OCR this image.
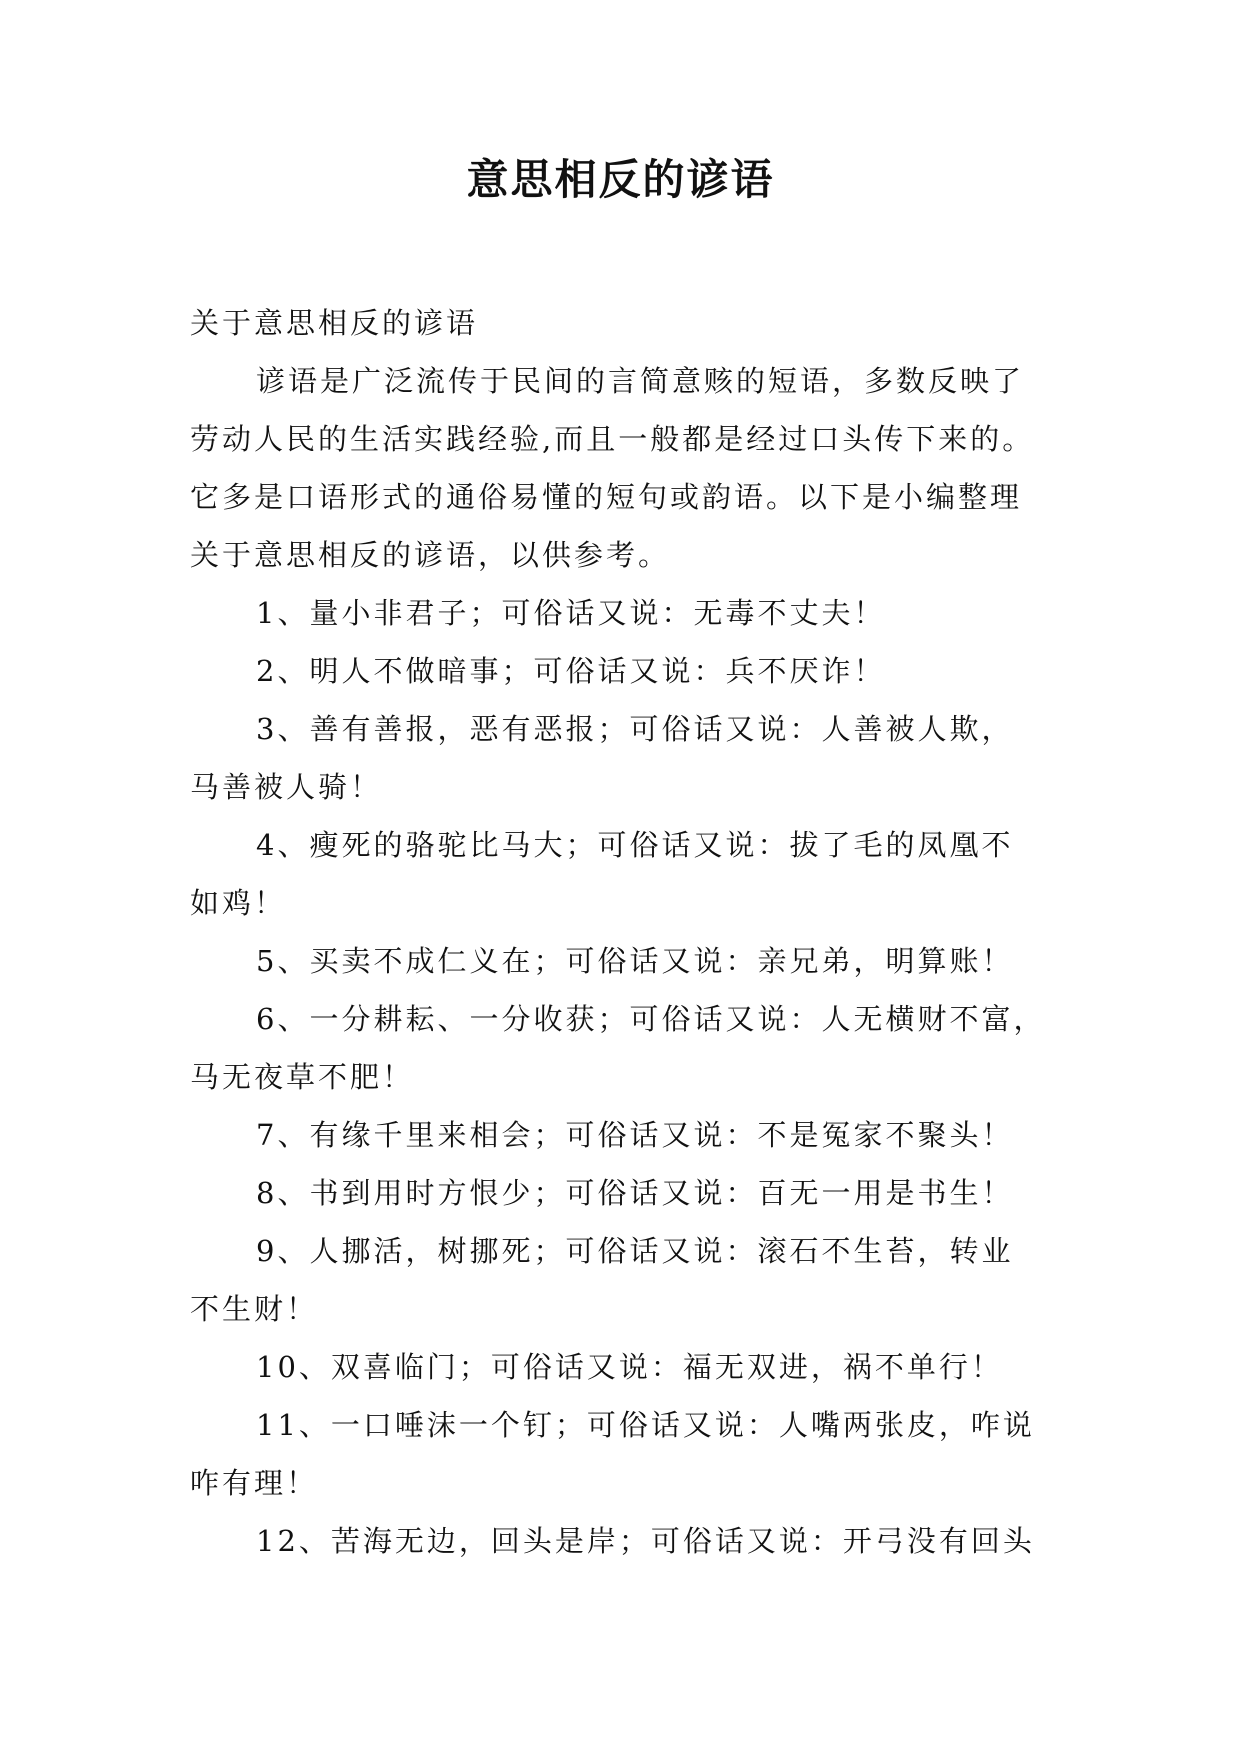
意思相反的谚语

关于意思相反的谚语

谚语是广泛流传于民间的言简意赅的短语，多数反映了

劳动人民的生活实践经验,而且一般都是经过口头传下来的。

它多是口语形式的通俗易懂的短句或韵语。以下是小编整理

关于意思相反的谚语，以供参考。

1、量小非君子；可俗话又说：无毒不丈夫！

2、明人不做暗事；可俗话又说：兵不厌诈！

3、善有善报，恶有恶报；可俗话又说：人善被人欺，

马善被人骑！

4、瘦死的骆驼比马大；可俗话又说：拔了毛的凤凰不

如鸡！

5、买卖不成仁义在；可俗话又说：亲兄弟，明算账！

6、一分耕耘、一分收获；可俗话又说：人无横财不富，

马无夜草不肥！

7、有缘千里来相会；可俗话又说：不是冤家不聚头！

8、书到用时方恨少；可俗话又说：百无一用是书生！

9、人挪活，树挪死；可俗话又说：滚石不生苔，转业

不生财！

10、双喜临门；可俗话又说：福无双进，祸不单行！

11、一口唾沫一个钉；可俗话又说：人嘴两张皮，咋说

咋有理！

12、苦海无边，回头是岸；可俗话又说：开弓没有回头
